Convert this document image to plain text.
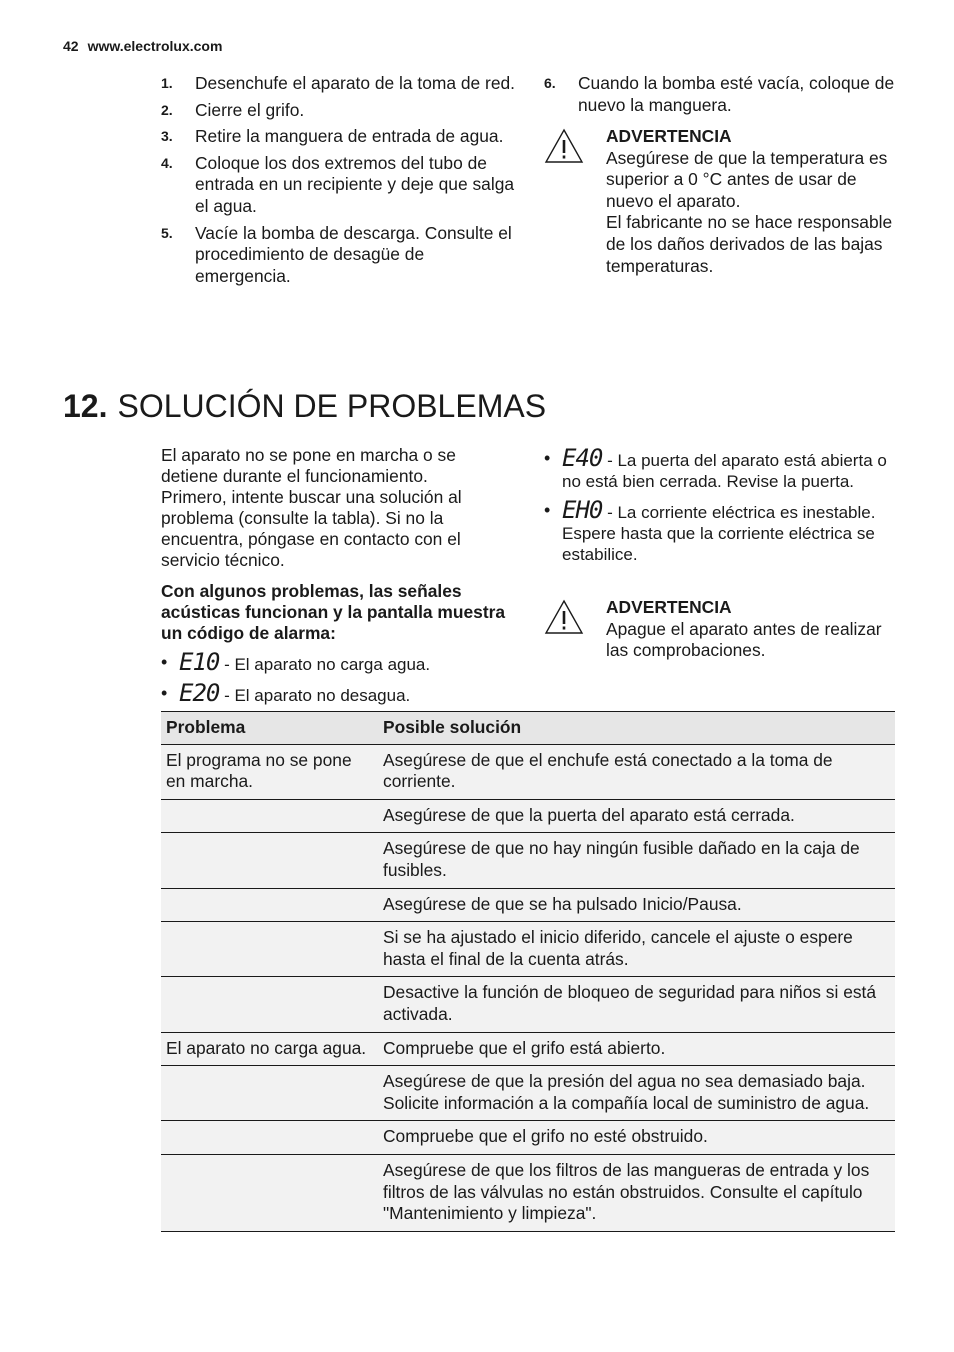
42 www.electrolux.com
1. Desenchufe el aparato de la toma de red.
2. Cierre el grifo.
3. Retire la manguera de entrada de agua.
4. Coloque los dos extremos del tubo de entrada en un recipiente y deje que salga el agua.
5. Vacíe la bomba de descarga. Consulte el procedimiento de desagüe de emergencia.
6. Cuando la bomba esté vacía, coloque de nuevo la manguera.
ADVERTENCIA
Asegúrese de que la temperatura es superior a 0 °C antes de usar de nuevo el aparato.
El fabricante no se hace responsable de los daños derivados de las bajas temperaturas.
12. SOLUCIÓN DE PROBLEMAS
El aparato no se pone en marcha o se detiene durante el funcionamiento.
Primero, intente buscar una solución al problema (consulte la tabla). Si no la encuentra, póngase en contacto con el servicio técnico.
Con algunos problemas, las señales acústicas funcionan y la pantalla muestra un código de alarma:
• E10 - El aparato no carga agua.
• E20 - El aparato no desagua.
• E40 - La puerta del aparato está abierta o no está bien cerrada. Revise la puerta.
• EH0 - La corriente eléctrica es inestable. Espere hasta que la corriente eléctrica se estabilice.
ADVERTENCIA
Apague el aparato antes de realizar las comprobaciones.
Problema	Posible solución
El programa no se pone en marcha.	Asegúrese de que el enchufe está conectado a la toma de corriente.
	Asegúrese de que la puerta del aparato está cerrada.
	Asegúrese de que no hay ningún fusible dañado en la caja de fusibles.
	Asegúrese de que se ha pulsado Inicio/Pausa.
	Si se ha ajustado el inicio diferido, cancele el ajuste o espere hasta el final de la cuenta atrás.
	Desactive la función de bloqueo de seguridad para niños si está activada.
El aparato no carga agua.	Compruebe que el grifo está abierto.
	Asegúrese de que la presión del agua no sea demasiado baja. Solicite información a la compañía local de suministro de agua.
	Compruebe que el grifo no esté obstruido.
	Asegúrese de que los filtros de las mangueras de entrada y los filtros de las válvulas no están obstruidos. Consulte el capítulo "Mantenimiento y limpieza".
